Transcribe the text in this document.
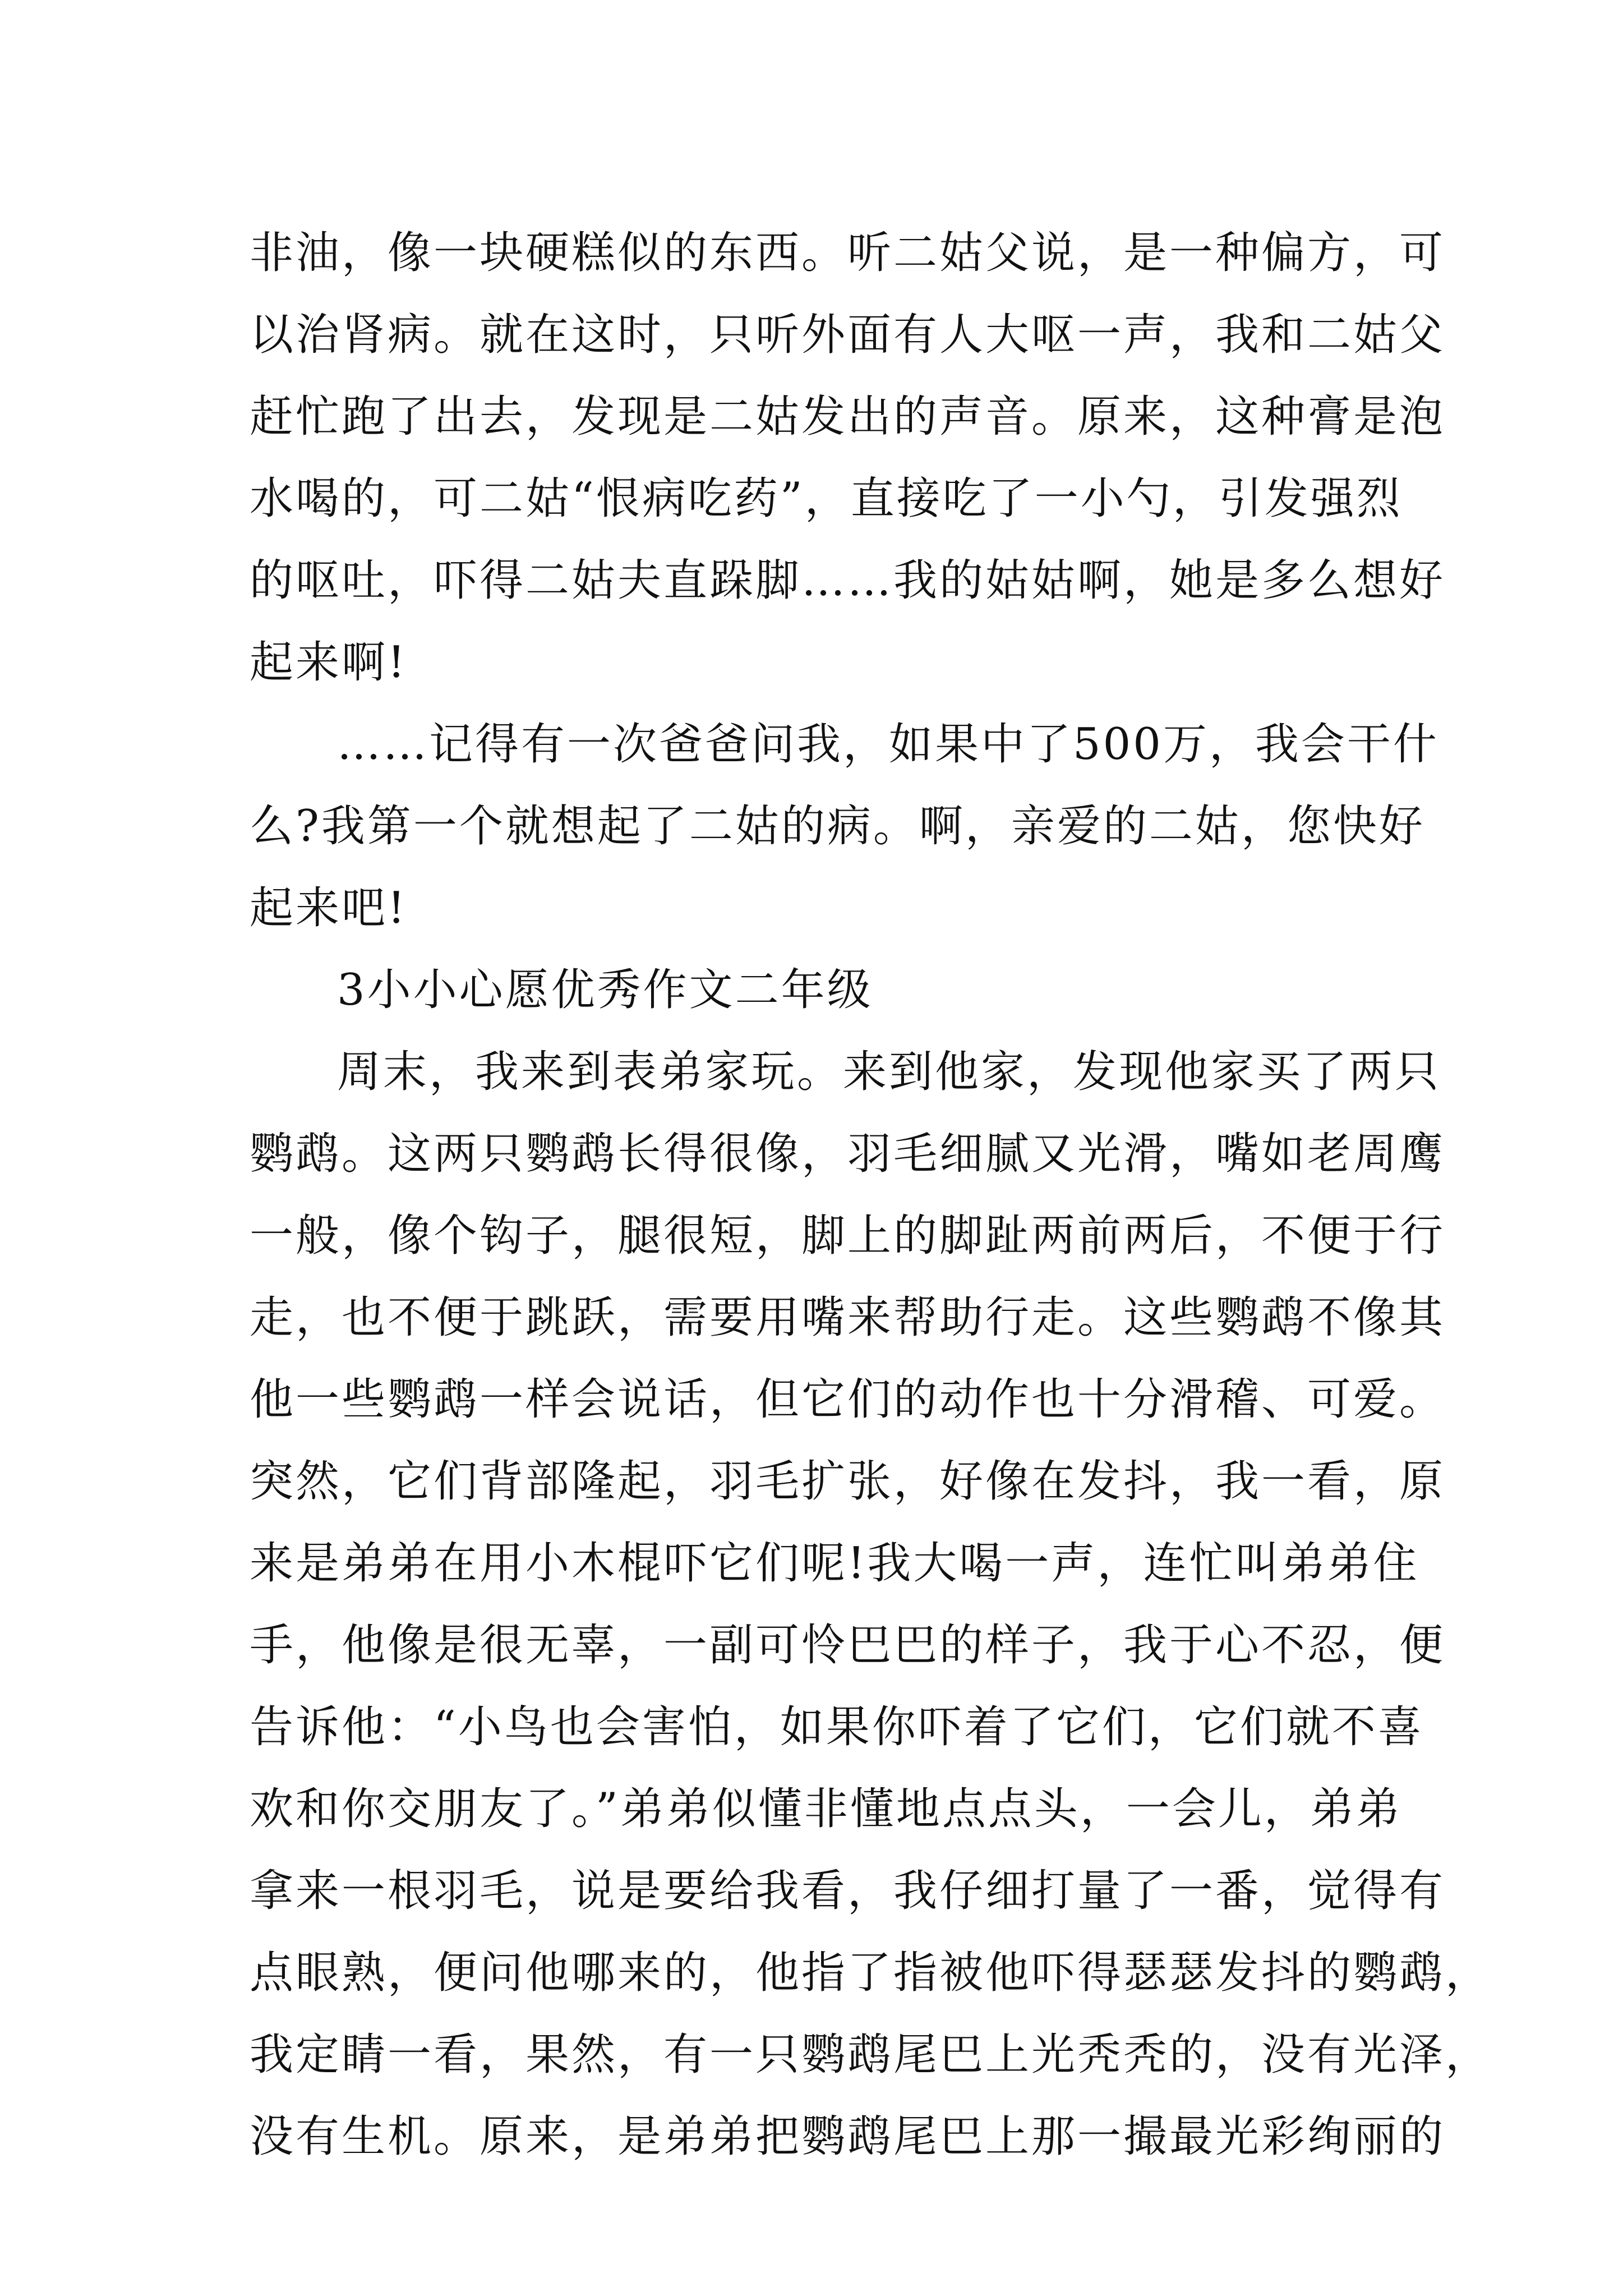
非油，像一块硬糕似的东西。听二姑父说，是一种偏方，可
以治肾病。就在这时，只听外面有人大呕一声，我和二姑父
赶忙跑了出去，发现是二姑发出的声音。原来，这种膏是泡
水喝的，可二姑“恨病吃药”，直接吃了一小勺，引发强烈
的呕吐，吓得二姑夫直跺脚……我的姑姑啊，她是多么想好
起来啊!
……记得有一次爸爸问我，如果中了500万，我会干什
么?我第一个就想起了二姑的病。啊，亲爱的二姑，您快好
起来吧!
3小小心愿优秀作文二年级
周末，我来到表弟家玩。来到他家，发现他家买了两只
鹦鹉。这两只鹦鹉长得很像，羽毛细腻又光滑，嘴如老周鹰
一般，像个钩子，腿很短，脚上的脚趾两前两后，不便于行
走，也不便于跳跃，需要用嘴来帮助行走。这些鹦鹉不像其
他一些鹦鹉一样会说话，但它们的动作也十分滑稽、可爱。
突然，它们背部隆起，羽毛扩张，好像在发抖，我一看，原
来是弟弟在用小木棍吓它们呢!我大喝一声，连忙叫弟弟住
手，他像是很无辜，一副可怜巴巴的样子，我于心不忍，便
告诉他：“小鸟也会害怕，如果你吓着了它们，它们就不喜
欢和你交朋友了。”弟弟似懂非懂地点点头，一会儿，弟弟
拿来一根羽毛，说是要给我看，我仔细打量了一番，觉得有
点眼熟，便问他哪来的，他指了指被他吓得瑟瑟发抖的鹦鹉，
我定睛一看，果然，有一只鹦鹉尾巴上光秃秃的，没有光泽，
没有生机。原来，是弟弟把鹦鹉尾巴上那一撮最光彩绚丽的
